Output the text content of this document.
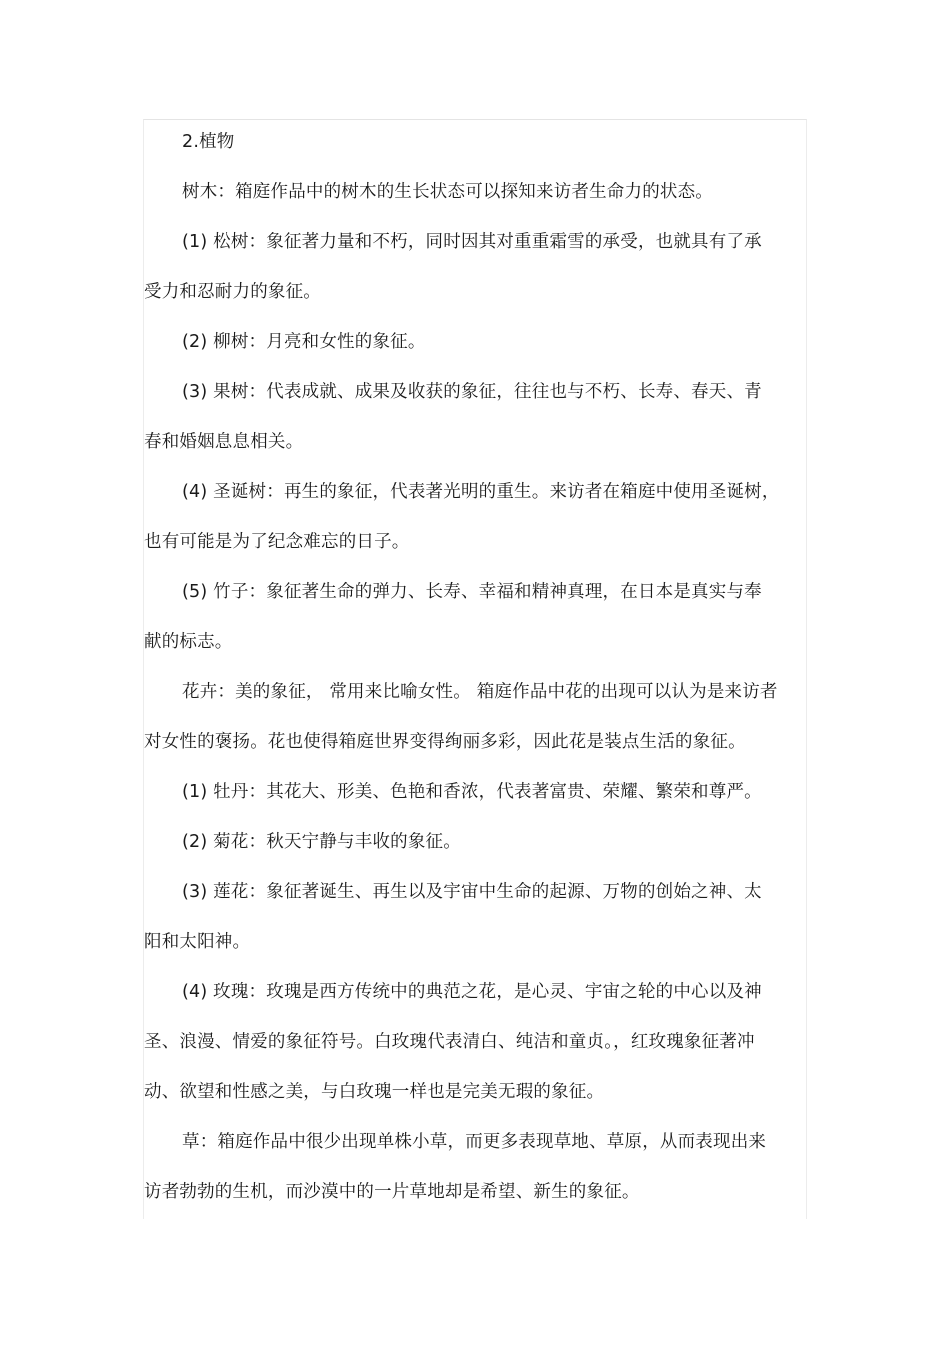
2.植物
树木：箱庭作品中的树木的生长状态可以探知来访者生命力的状态。
(1) 松树：象征著力量和不朽，同时因其对重重霜雪的承受，也就具有了承
受力和忍耐力的象征。
(2) 柳树：月亮和女性的象征。
(3) 果树：代表成就、成果及收获的象征，往往也与不朽、长寿、春天、青
春和婚姻息息相关。
(4) 圣诞树：再生的象征，代表著光明的重生。来访者在箱庭中使用圣诞树，
也有可能是为了纪念难忘的日子。
(5) 竹子：象征著生命的弹力、长寿、幸福和精神真理，在日本是真实与奉
献的标志。
花卉：美的象征， 常用来比喻女性。 箱庭作品中花的出现可以认为是来访者
对女性的褒扬。花也使得箱庭世界变得绚丽多彩，因此花是装点生活的象征。
(1) 牡丹：其花大、形美、色艳和香浓，代表著富贵、荣耀、繁荣和尊严。
(2) 菊花：秋天宁静与丰收的象征。
(3) 莲花：象征著诞生、再生以及宇宙中生命的起源、万物的创始之神、太
阳和太阳神。
(4) 玫瑰：玫瑰是西方传统中的典范之花，是心灵、宇宙之轮的中心以及神
圣、浪漫、情爱的象征符号。白玫瑰代表清白、纯洁和童贞。，红玫瑰象征著冲
动、欲望和性感之美，与白玫瑰一样也是完美无瑕的象征。
草：箱庭作品中很少出现单株小草，而更多表现草地、草原，从而表现出来
访者勃勃的生机，而沙漠中的一片草地却是希望、新生的象征。
